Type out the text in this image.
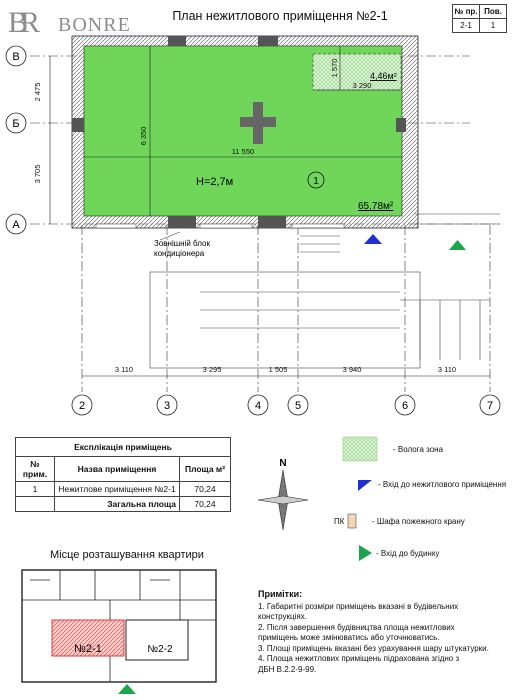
BR BONRE	План нежитлового приміщення №2-1	№ пр.	Пов.
2-1	1
В
Б
А
2	3	4	5	6	7
2 475
3 705
3 110	3 295	1 505	3 940	3 110
6 350
11 550
3 290
1 570
H=2,7м	1
65,78м²
4,46м²
Зовнішній блок
кондиціонера
N
№2-1	№2-2
Експлікація приміщень		
№ прим.	Назва приміщення	Площа м²
1	Нежитлове приміщення №2-1	70,24
	Загальна площа	70,24
- Волога зона
- Вхід до нежитлового приміщення
ПК	- Шафа пожежного крану
- Вхід до будинку
Місце розташування квартири
Примітки:
1. Габаритні розміри приміщень вказані в будівельних
конструкціях.
2. Після завершення будівництва площа нежитлових
приміщень може змінюватись або уточнюватись.
3. Площі приміщень вказані без урахування шару штукатурки.
4. Площа нежитлових приміщень підрахована згідно з
ДБН В.2.2-9-99.
